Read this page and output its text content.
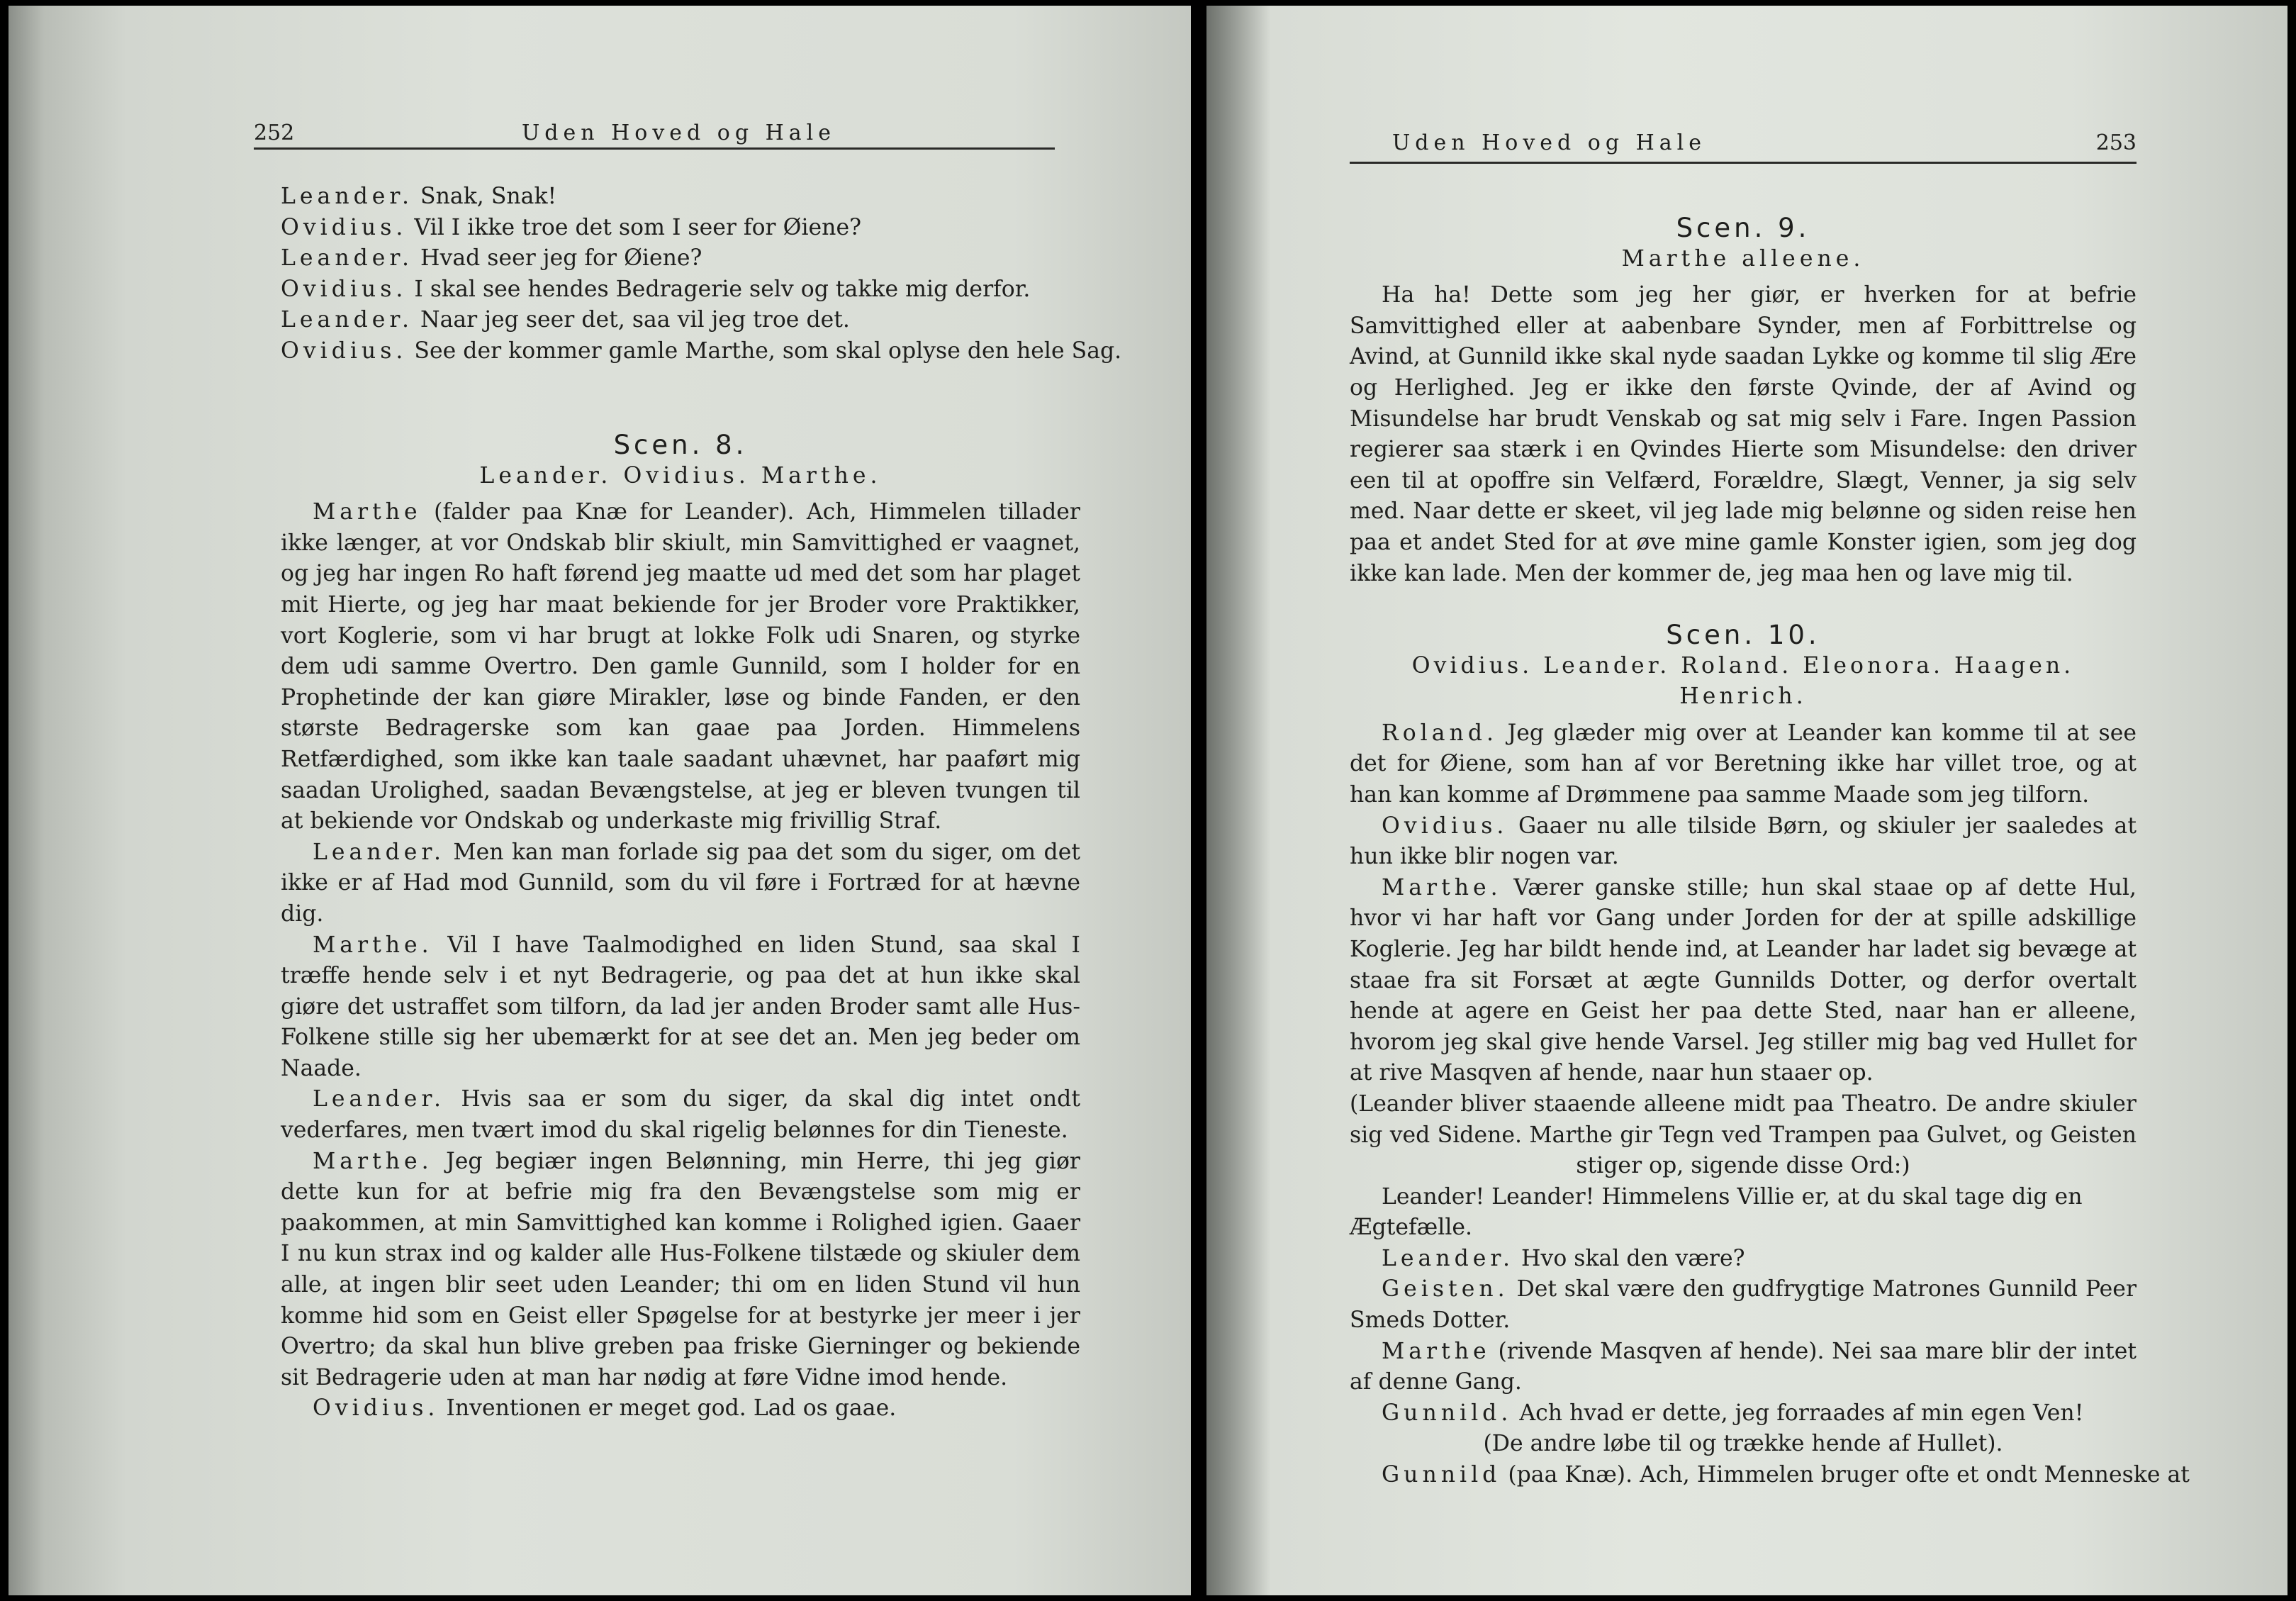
252	Uden Hoved og Hale

Leander. Snak, Snak!

Ovidius. Vil I ikke troe det som I seer for Øiene?

Leander. Hvad seer jeg for Øiene?

Ovidius. I skal see hendes Bedragerie selv og takke mig derfor.

Leander. Naar jeg seer det, saa vil jeg troe det.

Ovidius. See der kommer gamle Marthe, som skal oplyse den hele Sag.

Scen. 8.

Leander. Ovidius. Marthe.

Marthe (falder paa Knæ for Leander). Ach, Himmelen tillader ikke længer, at vor Ondskab blir skiult, min Samvittighed er vaagnet, og jeg har ingen Ro haft førend jeg maatte ud med det som har plaget mit Hierte, og jeg har maat bekiende for jer Broder vore Praktikker, vort Koglerie, som vi har brugt at lokke Folk udi Snaren, og styrke dem udi samme Overtro. Den gamle Gunnild, som I holder for en Prophetinde der kan giøre Mirakler, løse og binde Fanden, er den største Bedragerske som kan gaae paa Jorden. Himmelens Retfærdighed, som ikke kan taale saadant uhævnet, har paaført mig saadan Urolighed, saadan Bevængstelse, at jeg er bleven tvungen til at bekiende vor Ondskab og underkaste mig frivillig Straf.

Leander. Men kan man forlade sig paa det som du siger, om det ikke er af Had mod Gunnild, som du vil føre i Fortræd for at hævne dig.

Marthe. Vil I have Taalmodighed en liden Stund, saa skal I træffe hende selv i et nyt Bedragerie, og paa det at hun ikke skal giøre det ustraffet som tilforn, da lad jer anden Broder samt alle Hus-Folkene stille sig her ubemærkt for at see det an. Men jeg beder om Naade.

Leander. Hvis saa er som du siger, da skal dig intet ondt vederfares, men tvært imod du skal rigelig belønnes for din Tieneste.

Marthe. Jeg begiær ingen Belønning, min Herre, thi jeg giør dette kun for at befrie mig fra den Bevængstelse som mig er paakommen, at min Samvittighed kan komme i Rolighed igien. Gaaer I nu kun strax ind og kalder alle Hus-Folkene tilstæde og skiuler dem alle, at ingen blir seet uden Leander; thi om en liden Stund vil hun komme hid som en Geist eller Spøgelse for at bestyrke jer meer i jer Overtro; da skal hun blive greben paa friske Gierninger og bekiende sit Bedragerie uden at man har nødig at føre Vidne imod hende.

Ovidius. Inventionen er meget god. Lad os gaae.

Uden Hoved og Hale	253

Scen. 9.

Marthe alleene.

Ha ha! Dette som jeg her giør, er hverken for at befrie Samvittighed eller at aabenbare Synder, men af Forbittrelse og Avind, at Gunnild ikke skal nyde saadan Lykke og komme til slig Ære og Herlighed. Jeg er ikke den første Qvinde, der af Avind og Misundelse har brudt Venskab og sat mig selv i Fare. Ingen Passion regierer saa stærk i en Qvindes Hierte som Misundelse: den driver een til at opoffre sin Velfærd, Forældre, Slægt, Venner, ja sig selv med. Naar dette er skeet, vil jeg lade mig belønne og siden reise hen paa et andet Sted for at øve mine gamle Konster igien, som jeg dog ikke kan lade. Men der kommer de, jeg maa hen og lave mig til.

Scen. 10.

Ovidius. Leander. Roland. Eleonora. Haagen. Henrich.

Roland. Jeg glæder mig over at Leander kan komme til at see det for Øiene, som han af vor Beretning ikke har villet troe, og at han kan komme af Drømmene paa samme Maade som jeg tilforn.

Ovidius. Gaaer nu alle tilside Børn, og skiuler jer saaledes at hun ikke blir nogen var.

Marthe. Værer ganske stille; hun skal staae op af dette Hul, hvor vi har haft vor Gang under Jorden for der at spille adskillige Koglerie. Jeg har bildt hende ind, at Leander har ladet sig bevæge at staae fra sit Forsæt at ægte Gunnilds Dotter, og derfor overtalt hende at agere en Geist her paa dette Sted, naar han er alleene, hvorom jeg skal give hende Varsel. Jeg stiller mig bag ved Hullet for at rive Masqven af hende, naar hun staaer op.

(Leander bliver staaende alleene midt paa Theatro. De andre skiuler sig ved Sidene. Marthe gir Tegn ved Trampen paa Gulvet, og Geisten stiger op, sigende disse Ord:)

Leander! Leander! Himmelens Villie er, at du skal tage dig en Ægtefælle.

Leander. Hvo skal den være?

Geisten. Det skal være den gudfrygtige Matrones Gunnild Peer Smeds Dotter.

Marthe (rivende Masqven af hende). Nei saa mare blir der intet af denne Gang.

Gunnild. Ach hvad er dette, jeg forraades af min egen Ven!

(De andre løbe til og trække hende af Hullet).

Gunnild (paa Knæ). Ach, Himmelen bruger ofte et ondt Menneske at
